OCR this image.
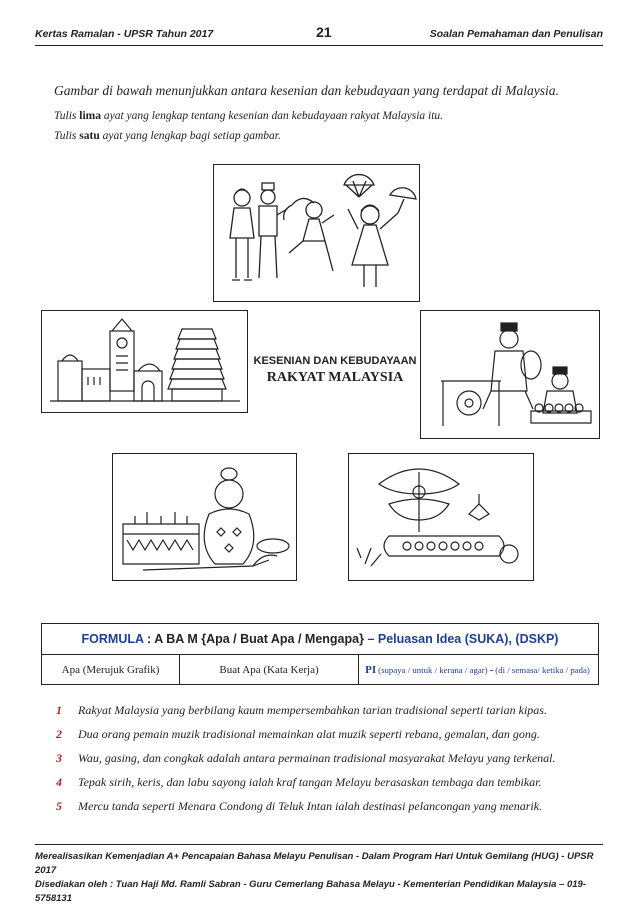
Kertas Ramalan - UPSR Tahun 2017	21	Soalan Pemahaman dan Penulisan
Gambar di bawah menunjukkan antara kesenian dan kebudayaan yang terdapat di Malaysia.
Tulis lima ayat yang lengkap tentang kesenian dan kebudayaan rakyat Malaysia itu.
Tulis satu ayat yang lengkap bagi setiap gambar.
KESENIAN DAN KEBUDAYAAN
RAKYAT MALAYSIA
FORMULA : A BA M {Apa / Buat Apa / Mengapa} – Peluasan Idea (SUKA), (DSKP)
Apa (Merujuk Grafik)	Buat Apa (Kata Kerja)	PI (supaya / untuk / kerana / agar) - (di / semasa/ ketika / pada)
1 Rakyat Malaysia yang berbilang kaum mempersembahkan tarian tradisional seperti tarian kipas.
2 Dua orang pemain muzik tradisional memainkan alat muzik seperti rebana, gemalan, dan gong.
3 Wau, gasing, dan congkak adalah antara permainan tradisional masyarakat Melayu yang terkenal.
4 Tepak sirih, keris, dan labu sayong ialah kraf tangan Melayu berasaskan tembaga dan tembikar.
5 Mercu tanda seperti Menara Condong di Teluk Intan ialah destinasi pelancongan yang menarik.
Merealisasikan Kemenjadian A+ Pencapaian Bahasa Melayu Penulisan - Dalam Program Hari Untuk Gemilang (HUG) - UPSR 2017
Disediakan oleh : Tuan Haji Md. Ramli Sabran - Guru Cemerlang Bahasa Melayu - Kementerian Pendidikan Malaysia – 019-5758131
